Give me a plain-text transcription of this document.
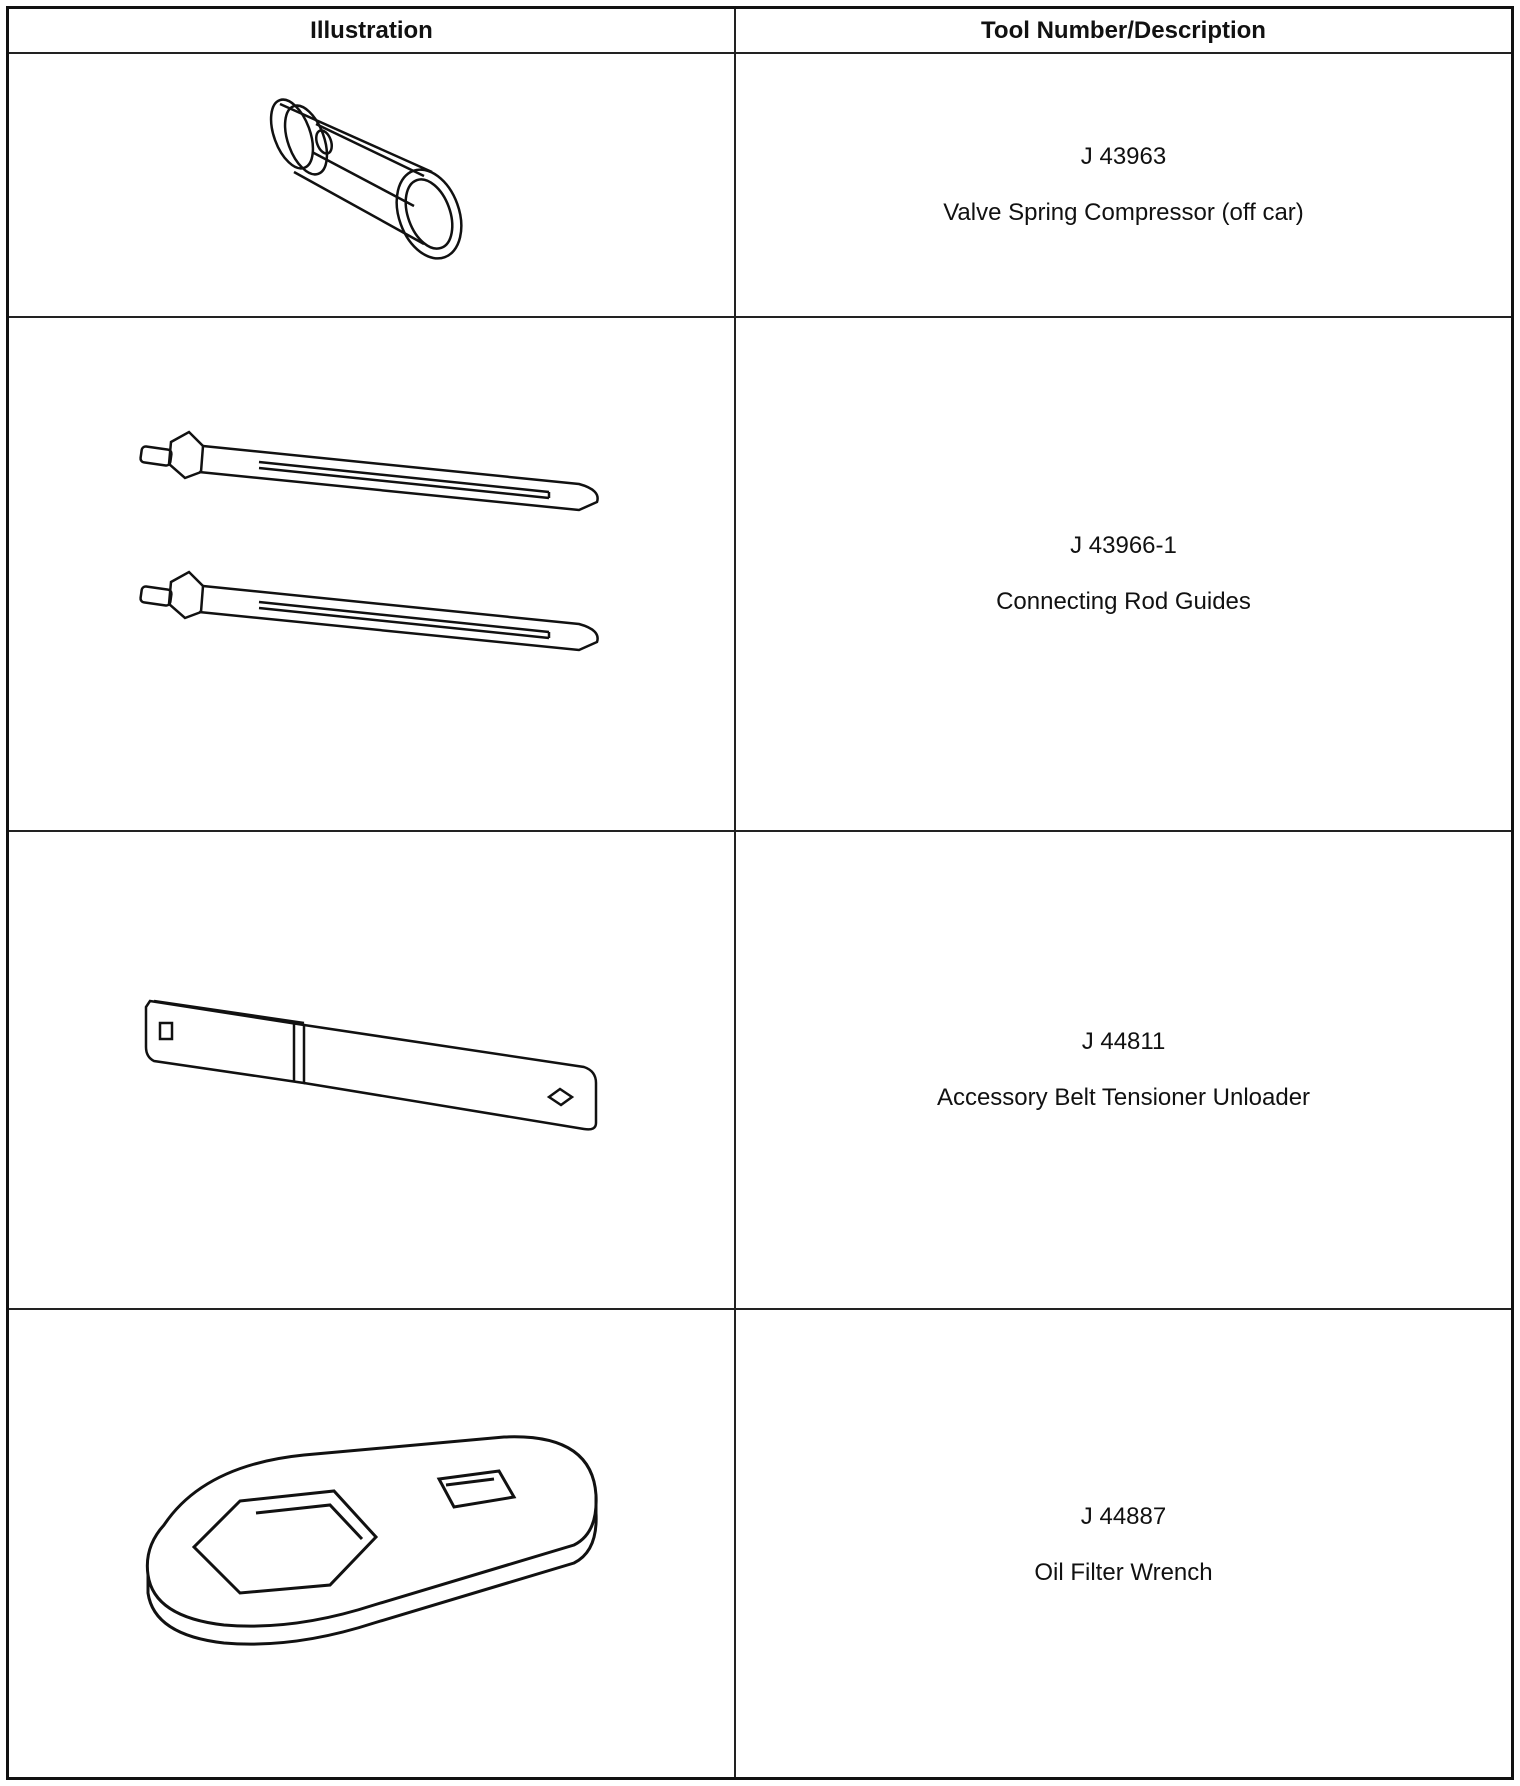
Illustration	Tool Number/Description
J 43963
Valve Spring Compressor (off car)
J 43966-1
Connecting Rod Guides
J 44811
Accessory Belt Tensioner Unloader
J 44887
Oil Filter Wrench
